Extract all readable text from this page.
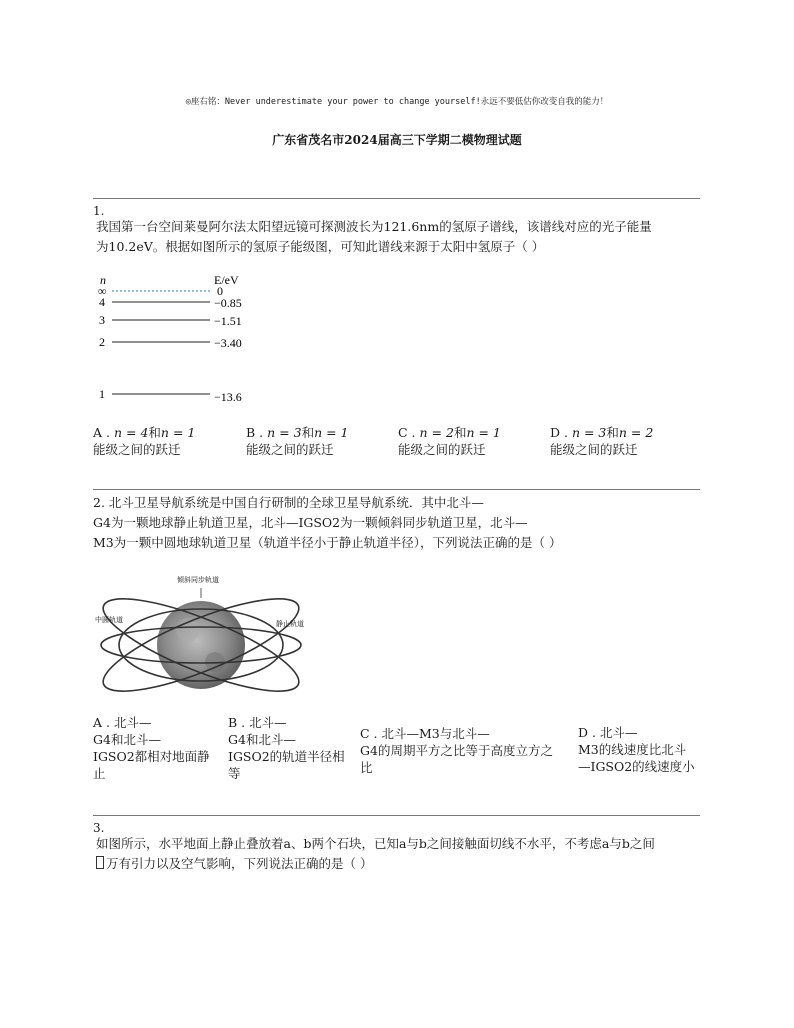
◎座右铭：Never underestimate your power to change yourself!永远不要低估你改变自我的能力！
广东省茂名市2024届高三下学期二模物理试题
1.
我国第一台空间莱曼阿尔法太阳望远镜可探测波长为121.6nm的氢原子谱线，该谱线对应的光子能量
为10.2eV。根据如图所示的氢原子能级图，可知此谱线来源于太阳中氢原子（ ）
n	E/eV
∞	0
4	−0.85
3	−1.51
2	−3.40
1	−13.6
A . n = 4和n = 1
能级之间的跃迁
B . n = 3和n = 1
能级之间的跃迁
C . n = 2和n = 1
能级之间的跃迁
D . n = 3和n = 2
能级之间的跃迁
2. 北斗卫星导航系统是中国自行研制的全球卫星导航系统．其中北斗—
G4为一颗地球静止轨道卫星，北斗—IGSO2为一颗倾斜同步轨道卫星，北斗—
M3为一颗中圆地球轨道卫星（轨道半径小于静止轨道半径），下列说法正确的是（ ）
倾斜同步轨道
中圆轨道	静止轨道
A . 北斗—
G4和北斗—
IGSO2都相对地面静
止
B . 北斗—
G4和北斗—
IGSO2的轨道半径相
等
C . 北斗—M3与北斗—
G4的周期平方之比等于高度立方之
比
D . 北斗—
M3的线速度比北斗
—IGSO2的线速度小
3.
如图所示，水平地面上静止叠放着a、b两个石块，已知a与b之间接触面切线不水平，不考虑a与b之间
万有引力以及空气影响，下列说法正确的是（ ）
